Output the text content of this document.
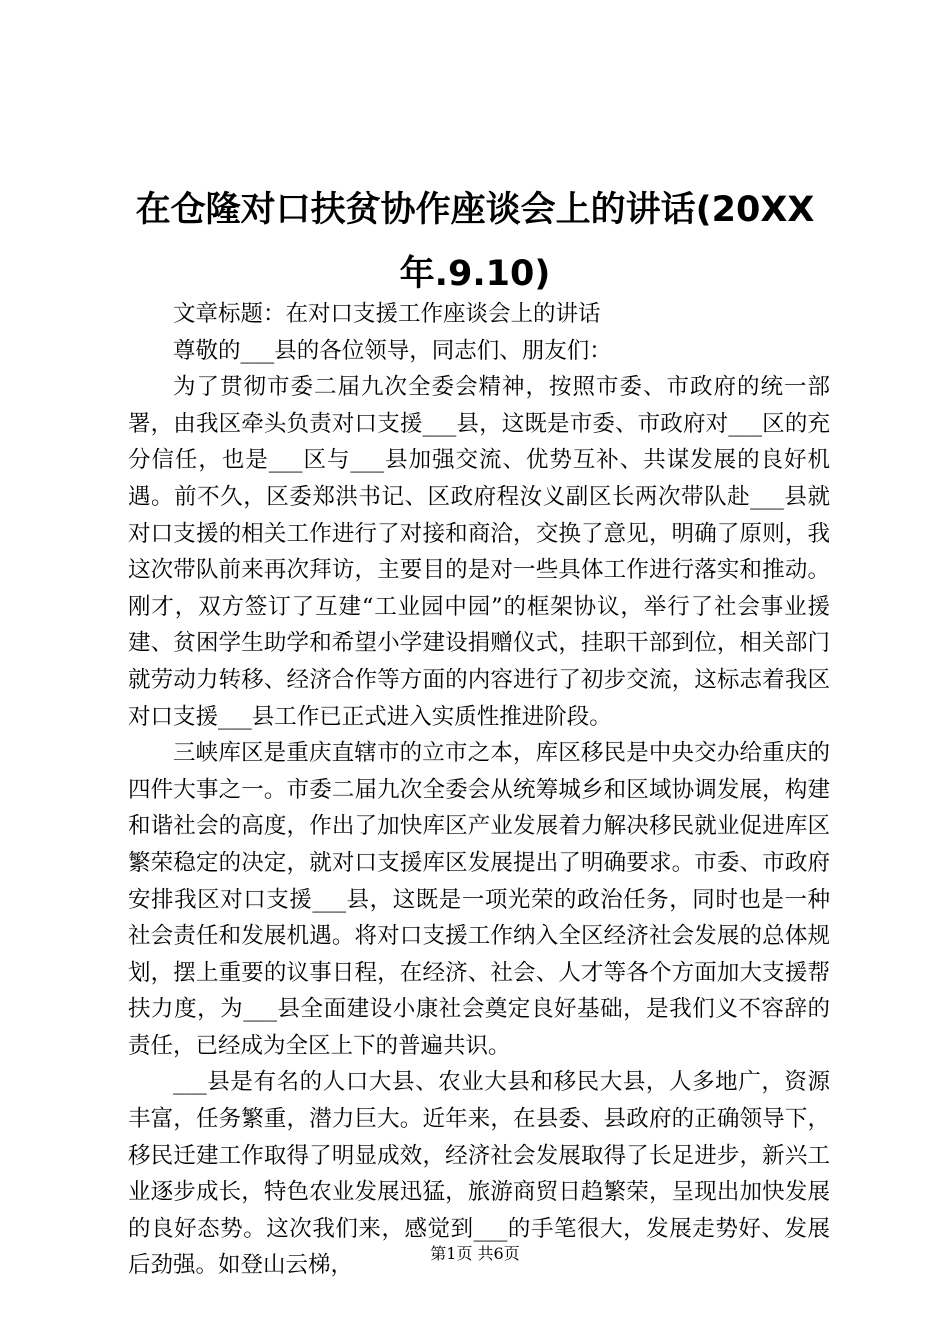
在仓隆对口扶贫协作座谈会上的讲话(20XX年.9.10)

文章标题：在对口支援工作座谈会上的讲话

尊敬的___县的各位领导，同志们、朋友们：

为了贯彻市委二届九次全委会精神，按照市委、市政府的统一部署，由我区牵头负责对口支援___县，这既是市委、市政府对___区的充分信任，也是___区与___县加强交流、优势互补、共谋发展的良好机遇。前不久，区委郑洪书记、区政府程汝义副区长两次带队赴___县就对口支援的相关工作进行了对接和商洽，交换了意见，明确了原则，我这次带队前来再次拜访，主要目的是对一些具体工作进行落实和推动。刚才，双方签订了互建“工业园中园”的框架协议，举行了社会事业援建、贫困学生助学和希望小学建设捐赠仪式，挂职干部到位，相关部门就劳动力转移、经济合作等方面的内容进行了初步交流，这标志着我区对口支援___县工作已正式进入实质性推进阶段。

三峡库区是重庆直辖市的立市之本，库区移民是中央交办给重庆的四件大事之一。市委二届九次全委会从统筹城乡和区域协调发展，构建和谐社会的高度，作出了加快库区产业发展着力解决移民就业促进库区繁荣稳定的决定，就对口支援库区发展提出了明确要求。市委、市政府安排我区对口支援___县，这既是一项光荣的政治任务，同时也是一种社会责任和发展机遇。将对口支援工作纳入全区经济社会发展的总体规划，摆上重要的议事日程，在经济、社会、人才等各个方面加大支援帮扶力度，为___县全面建设小康社会奠定良好基础，是我们义不容辞的责任，已经成为全区上下的普遍共识。

___县是有名的人口大县、农业大县和移民大县，人多地广，资源丰富，任务繁重，潜力巨大。近年来，在县委、县政府的正确领导下，移民迁建工作取得了明显成效，经济社会发展取得了长足进步，新兴工业逐步成长，特色农业发展迅猛，旅游商贸日趋繁荣，呈现出加快发展的良好态势。这次我们来，感觉到___的手笔很大，发展走势好、发展后劲强。如登山云梯，	第1页 共6页
